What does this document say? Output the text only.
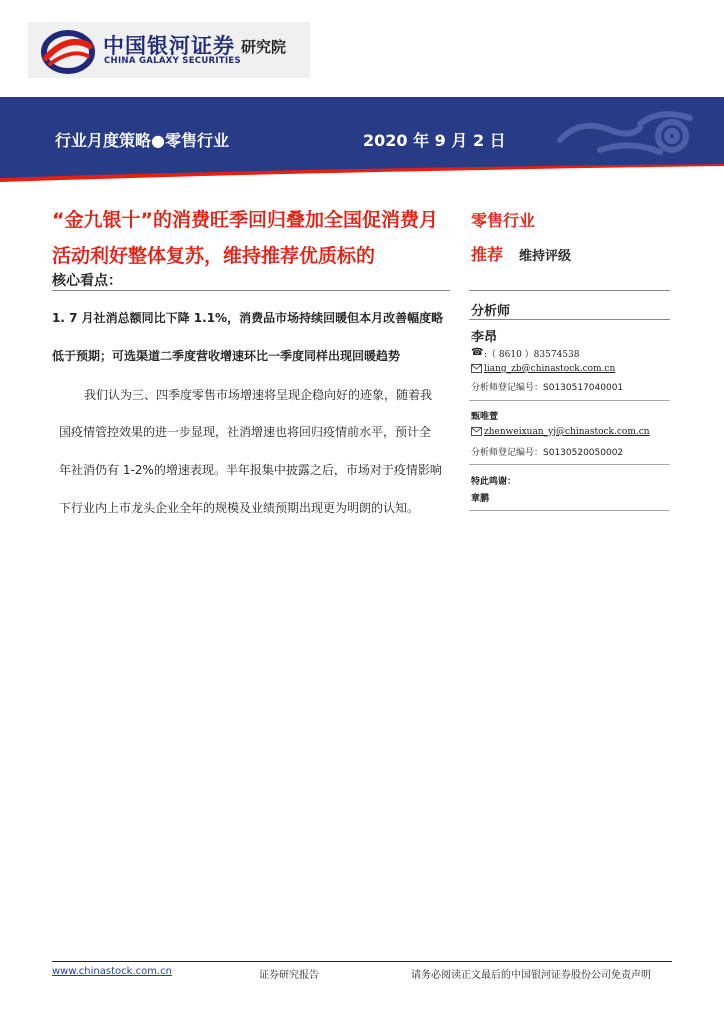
中国银河证券
CHINA GALAXY SECURITIES
研究院
行业月度策略●零售行业	2020 年 9 月 2 日
“金九银十”的消费旺季回归叠加全国促消费月
活动利好整体复苏，维持推荐优质标的
核心看点：
1. 7 月社消总额同比下降 1.1%，消费品市场持续回暖但本月改善幅度略
低于预期；可选渠道二季度营收增速环比一季度同样出现回暖趋势
我们认为三、四季度零售市场增速将呈现企稳向好的迹象，随着我
国疫情管控效果的进一步显现，社消增速也将回归疫情前水平，预计全
年社消仍有 1-2%的增速表现。半年报集中披露之后，市场对于疫情影响
下行业内上市龙头企业全年的规模及业绩预期出现更为明朗的认知。
零售行业
推荐 维持评级
分析师
李昂
☎ :（ 8610 ）83574538
liang_zb@chinastock.com.cn
分析师登记编号：S0130517040001
甄唯萱
zhenweixuan_yj@chinastock.com.cn
分析师登记编号：S0130520050002
特此鸣谢：
章鹏
www.chinastock.com.cn	证券研究报告	请务必阅读正文最后的中国银河证券股份公司免责声明
